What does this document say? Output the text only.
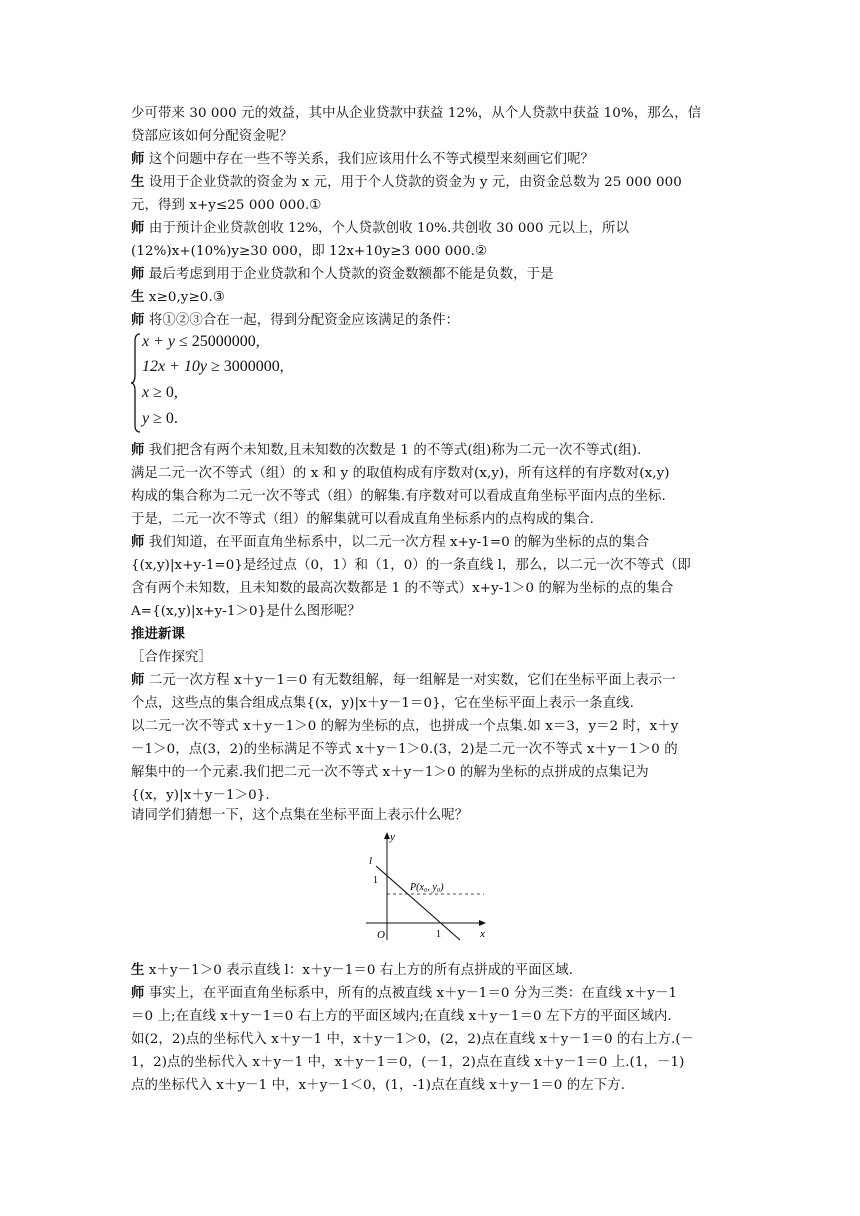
少可带来 30 000 元的效益，其中从企业贷款中获益 12%，从个人贷款中获益 10%，那么，信
贷部应该如何分配资金呢？
师 这个问题中存在一些不等关系，我们应该用什么不等式模型来刻画它们呢？
生 设用于企业贷款的资金为 x 元，用于个人贷款的资金为 y 元，由资金总数为 25 000 000
元，得到 x+y≤25 000 000.①
师 由于预计企业贷款创收 12%，个人贷款创收 10%.共创收 30 000 元以上，所以
(12%)x+(10%)y≥30 000，即 12x+10y≥3 000 000.②
师 最后考虑到用于企业贷款和个人贷款的资金数额都不能是负数，于是
生 x≥0,y≥0.③
师 将①②③合在一起，得到分配资金应该满足的条件：
x + y ≤ 25000000,
12x + 10y ≥ 3000000,
x ≥ 0,
y ≥ 0.
师 我们把含有两个未知数,且未知数的次数是 1 的不等式(组)称为二元一次不等式(组).
满足二元一次不等式（组）的 x 和 y 的取值构成有序数对(x,y)，所有这样的有序数对(x,y)
构成的集合称为二元一次不等式（组）的解集.有序数对可以看成直角坐标平面内点的坐标.
于是，二元一次不等式（组）的解集就可以看成直角坐标系内的点构成的集合.
师 我们知道，在平面直角坐标系中，以二元一次方程 x+y-1=0 的解为坐标的点的集合
{(x,y)|x+y-1=0}是经过点（0，1）和（1，0）的一条直线 l，那么，以二元一次不等式（即
含有两个未知数，且未知数的最高次数都是 1 的不等式）x+y-1＞0 的解为坐标的点的集合
A={(x,y)|x+y-1＞0}是什么图形呢？
推进新课
［合作探究］
师 二元一次方程 x＋y－1＝0 有无数组解，每一组解是一对实数，它们在坐标平面上表示一
个点，这些点的集合组成点集{(x，y)|x＋y－1＝0}，它在坐标平面上表示一条直线.
以二元一次不等式 x＋y－1＞0 的解为坐标的点，也拼成一个点集.如 x＝3，y＝2 时，x＋y
－1＞0，点(3，2)的坐标满足不等式 x＋y－1＞0.(3，2)是二元一次不等式 x＋y－1＞0 的
解集中的一个元素.我们把二元一次不等式 x＋y－1＞0 的解为坐标的点拼成的点集记为
{(x，y)|x＋y－1＞0}.
请同学们猜想一下，这个点集在坐标平面上表示什么呢？
y
x
l
O
1
1
P(x₀, y₀)
生 x＋y－1＞0 表示直线 l：x＋y－1＝0 右上方的所有点拼成的平面区域.
师 事实上，在平面直角坐标系中，所有的点被直线 x＋y－1＝0 分为三类：在直线 x＋y－1
＝0 上;在直线 x＋y－1＝0 右上方的平面区域内;在直线 x＋y－1＝0 左下方的平面区域内.
如(2，2)点的坐标代入 x＋y－1 中，x＋y－1＞0，(2，2)点在直线 x＋y－1＝0 的右上方.(－
1，2)点的坐标代入 x＋y－1 中，x＋y－1＝0，(－1，2)点在直线 x＋y－1＝0 上.(1，－1)
点的坐标代入 x＋y－1 中，x＋y－1＜0，(1，-1)点在直线 x＋y－1＝0 的左下方.
